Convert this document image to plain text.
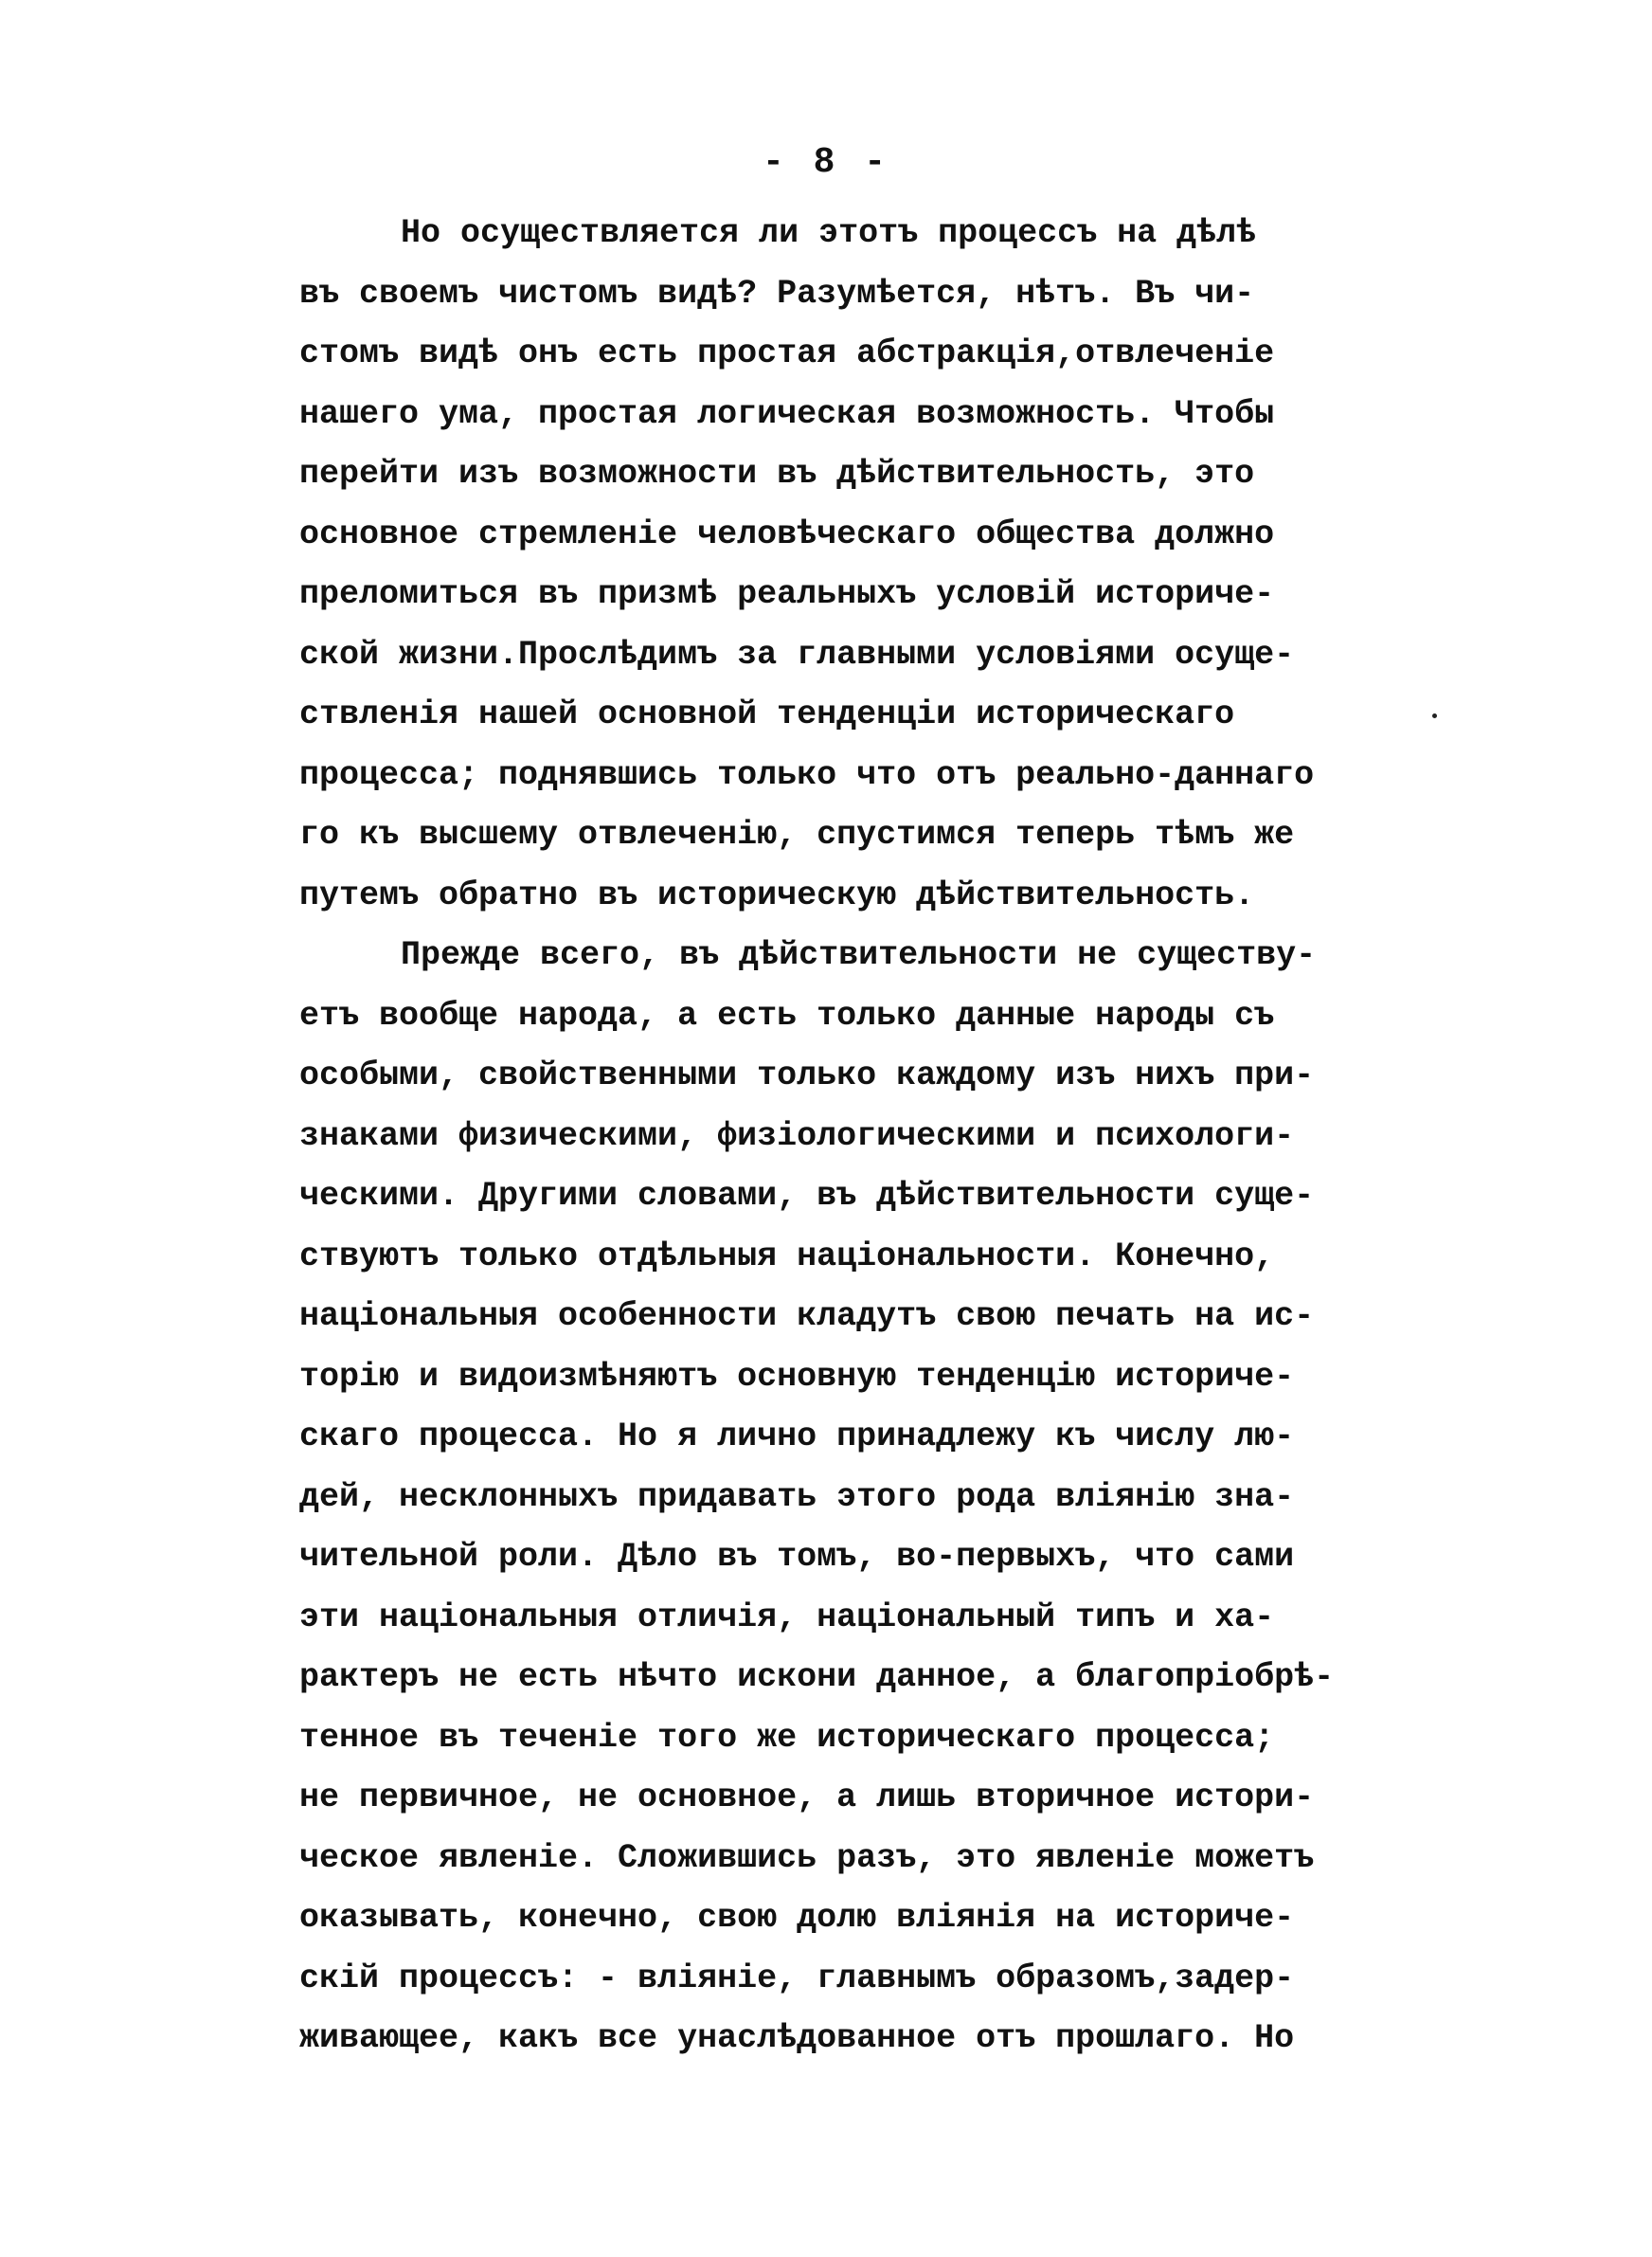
- 8 -
Но осуществляется ли этотъ процессъ на дѣлѣ
въ своемъ чистомъ видѣ? Разумѣется, нѣтъ. Въ чи-
стомъ видѣ онъ есть простая абстракція,отвлеченіе
нашего ума, простая логическая возможность. Чтобы
перейти изъ возможности въ дѣйствительность, это
основное стремленіе человѣческаго общества должно
преломиться въ призмѣ реальныхъ условій историче-
ской жизни.Прослѣдимъ за главными условіями осуще-
ствленія нашей основной тенденціи историческаго
процесса; поднявшись только что отъ реально-даннаго
го къ высшему отвлеченію, спустимся теперь тѣмъ же
путемъ обратно въ историческую дѣйствительность.
Прежде всего, въ дѣйствительности не существу-
етъ вообще народа, а есть только данные народы съ
особыми, свойственными только каждому изъ нихъ при-
знаками физическими, физіологическими и психологи-
ческими. Другими словами, въ дѣйствительности суще-
ствуютъ только отдѣльныя національности. Конечно,
національныя особенности кладутъ свою печать на ис-
торію и видоизмѣняютъ основную тенденцію историче-
скаго процесса. Но я лично принадлежу къ числу лю-
дей, несклонныхъ придавать этого рода вліянію зна-
чительной роли. Дѣло въ томъ, во-первыхъ, что сами
эти національныя отличія, національный типъ и ха-
рактеръ не есть нѣчто искони данное, а благопріобрѣ-
тенное въ теченіе того же историческаго процесса;
не первичное, не основное, а лишь вторичное истори-
ческое явленіе. Сложившись разъ, это явленіе можетъ
оказывать, конечно, свою долю вліянія на историче-
скій процессъ: - вліяніе, главнымъ образомъ,задер-
живающее, какъ все унаслѣдованное отъ прошлаго. Но
